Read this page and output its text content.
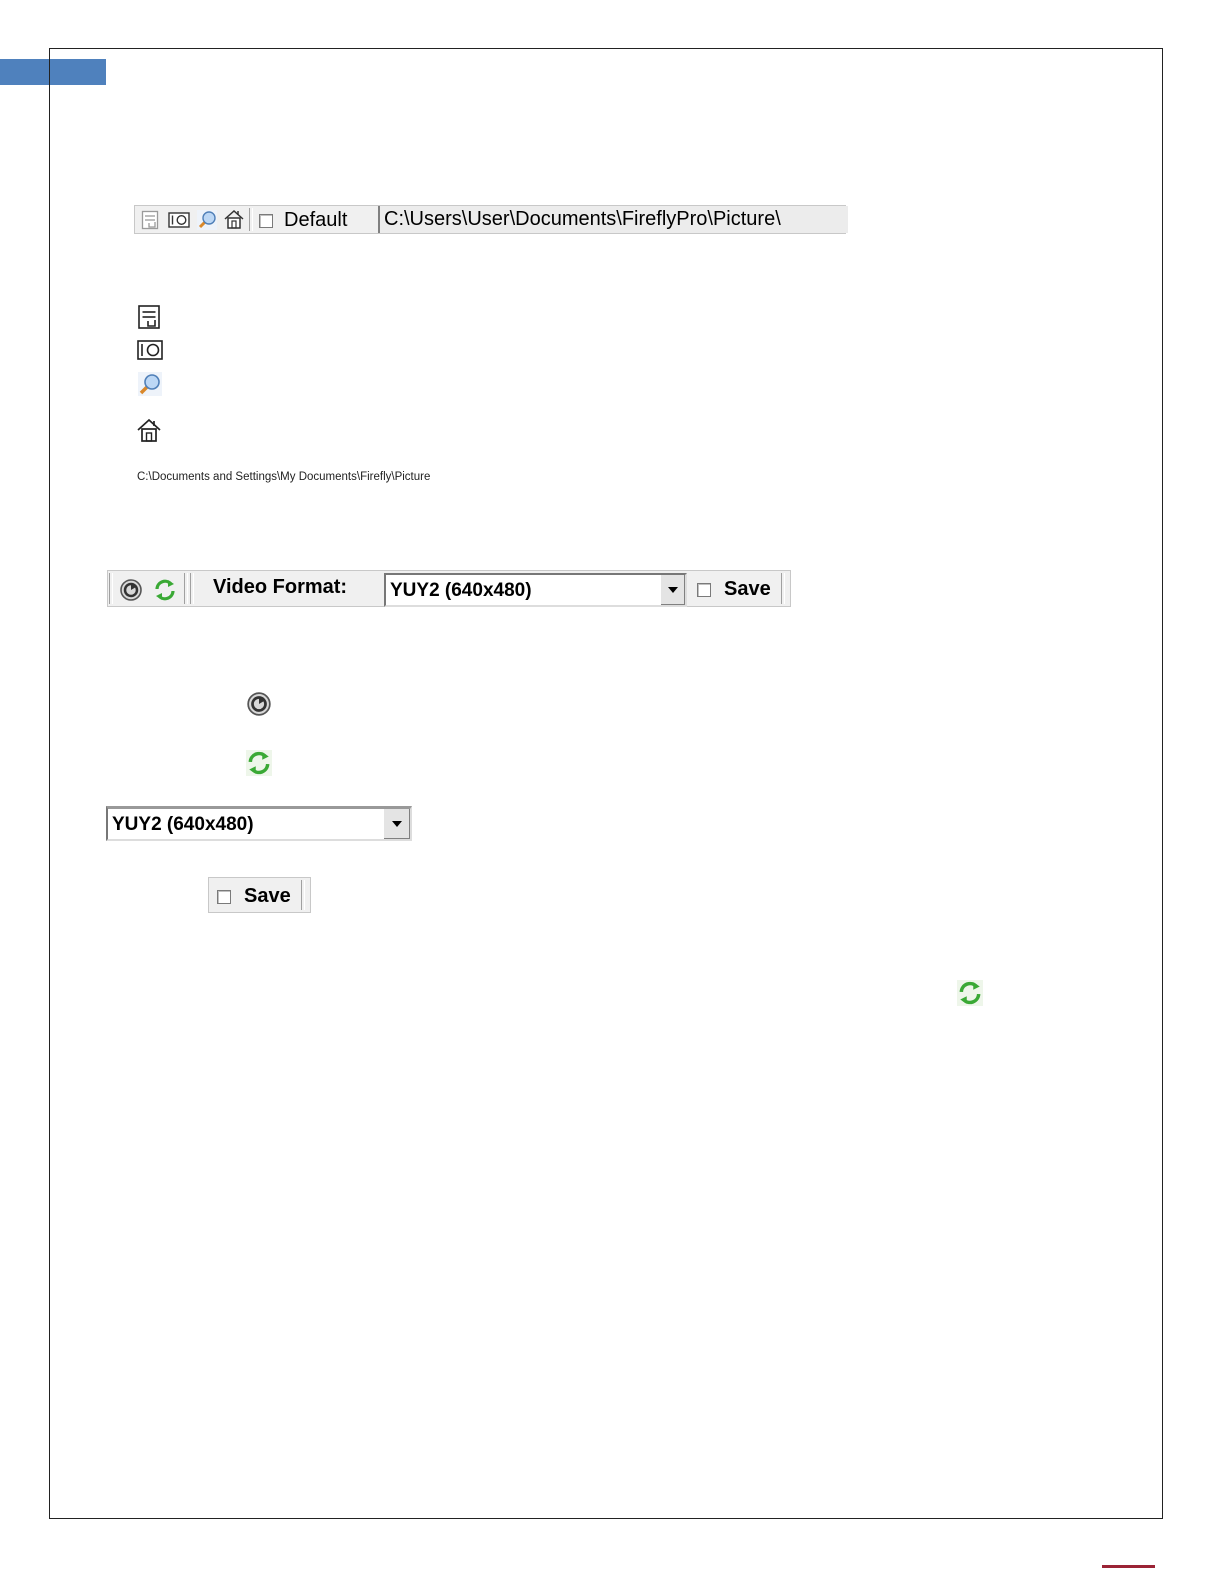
Default	C:\Users\User\Documents\FireflyPro\Picture\
C:\Documents and Settings\My Documents\Firefly\Picture
Video Format: YUY2 (640x480)	Save
YUY2 (640x480)
Save
